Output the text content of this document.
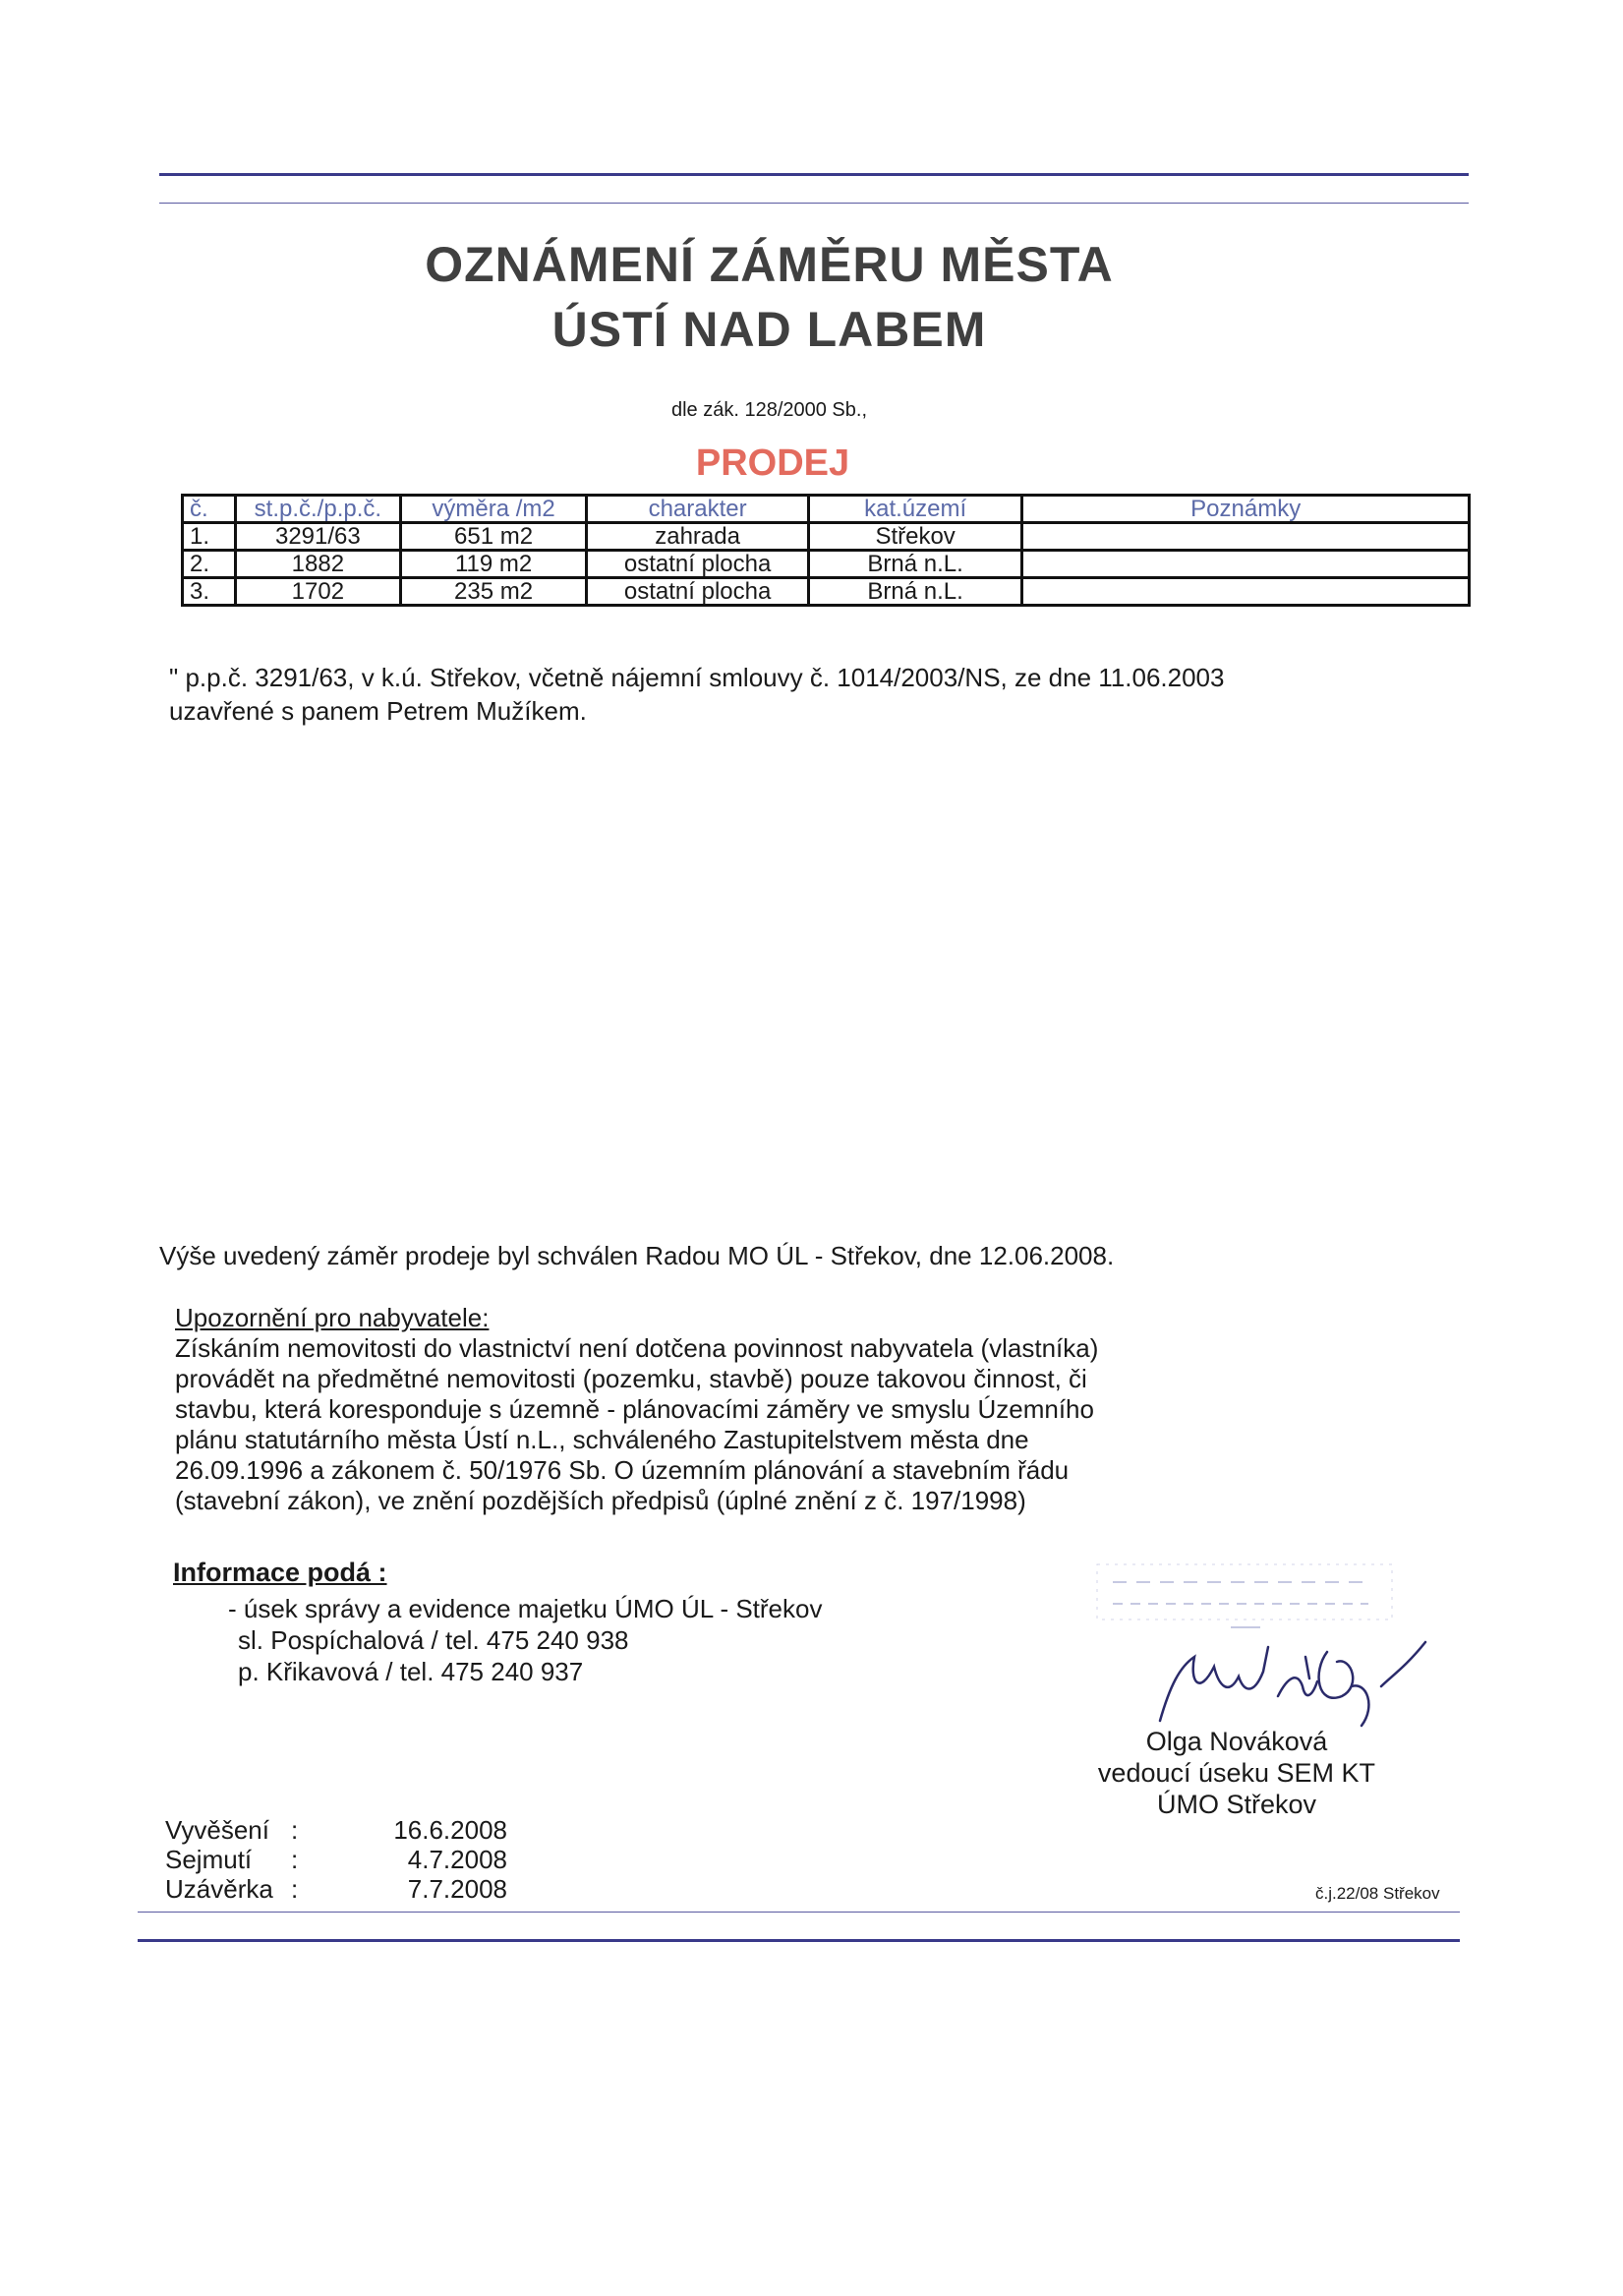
OZNÁMENÍ ZÁMĚRU MĚSTA
ÚSTÍ NAD LABEM
dle zák. 128/2000 Sb.,
PRODEJ
č.	st.p.č./p.p.č.	výměra /m2	charakter	kat.území	Poznámky
1.	3291/63	651 m2	zahrada	Střekov	
2.	1882	119 m2	ostatní plocha	Brná n.L.	
3.	1702	235 m2	ostatní plocha	Brná n.L.	
" p.p.č. 3291/63, v k.ú. Střekov, včetně nájemní smlouvy č. 1014/2003/NS, ze dne 11.06.2003
uzavřené s panem Petrem Mužíkem.
Výše uvedený záměr prodeje byl schválen Radou MO ÚL - Střekov, dne 12.06.2008.
Upozornění pro nabyvatele:
Získáním nemovitosti do vlastnictví není dotčena povinnost nabyvatela (vlastníka)
provádět na předmětné nemovitosti (pozemku, stavbě) pouze takovou činnost, či
stavbu, která koresponduje s územně - plánovacími záměry ve smyslu Územního
plánu statutárního města Ústí n.L., schváleného Zastupitelstvem města dne
26.09.1996 a zákonem č. 50/1976 Sb. O územním plánování a stavebním řádu
(stavební zákon), ve znění pozdějších předpisů (úplné znění z č. 197/1998)
Informace podá :
- úsek správy a evidence majetku ÚMO ÚL - Střekov
sl. Pospíchalová / tel. 475 240 938
p. Křikavová / tel. 475 240 937
Olga Nováková
vedoucí úseku SEM KT
ÚMO Střekov
Vyvěšení :	16.6.2008
Sejmutí	:	4.7.2008
Uzávěrka :	7.7.2008	č.j.22/08 Střekov
